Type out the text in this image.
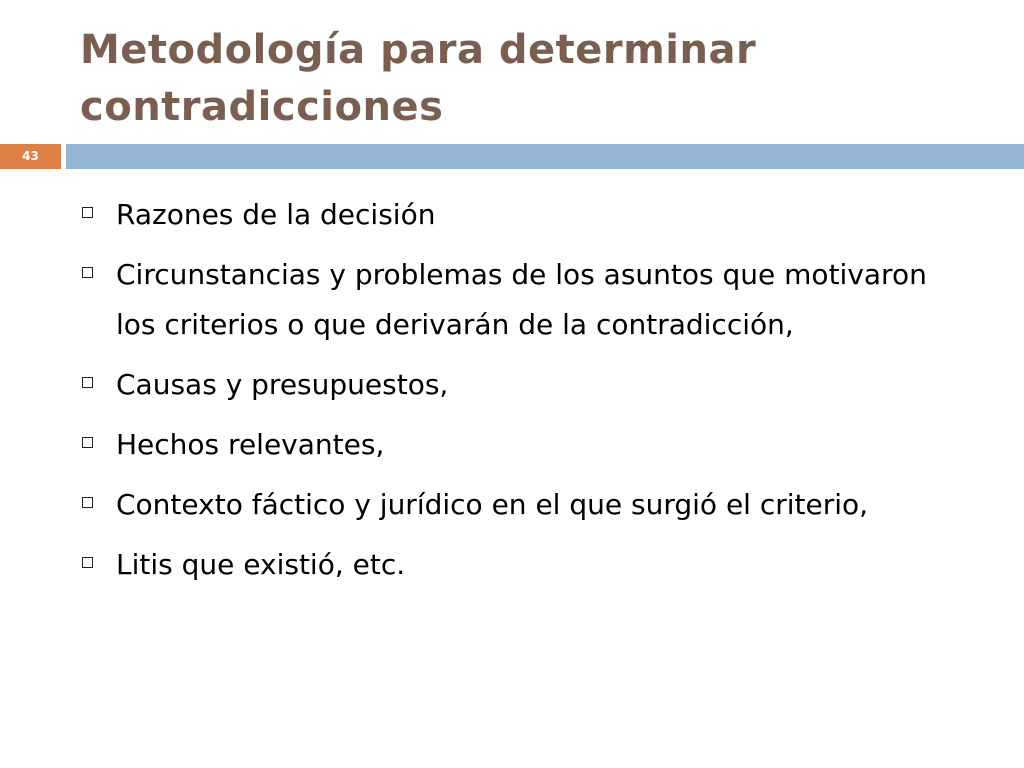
Metodología para determinar contradicciones
43
Razones de la decisión
Circunstancias y problemas de los asuntos que motivaron los criterios o que derivarán de la contradicción,
Causas y presupuestos,
Hechos relevantes,
Contexto fáctico y jurídico en el que surgió el criterio,
Litis que existió, etc.
